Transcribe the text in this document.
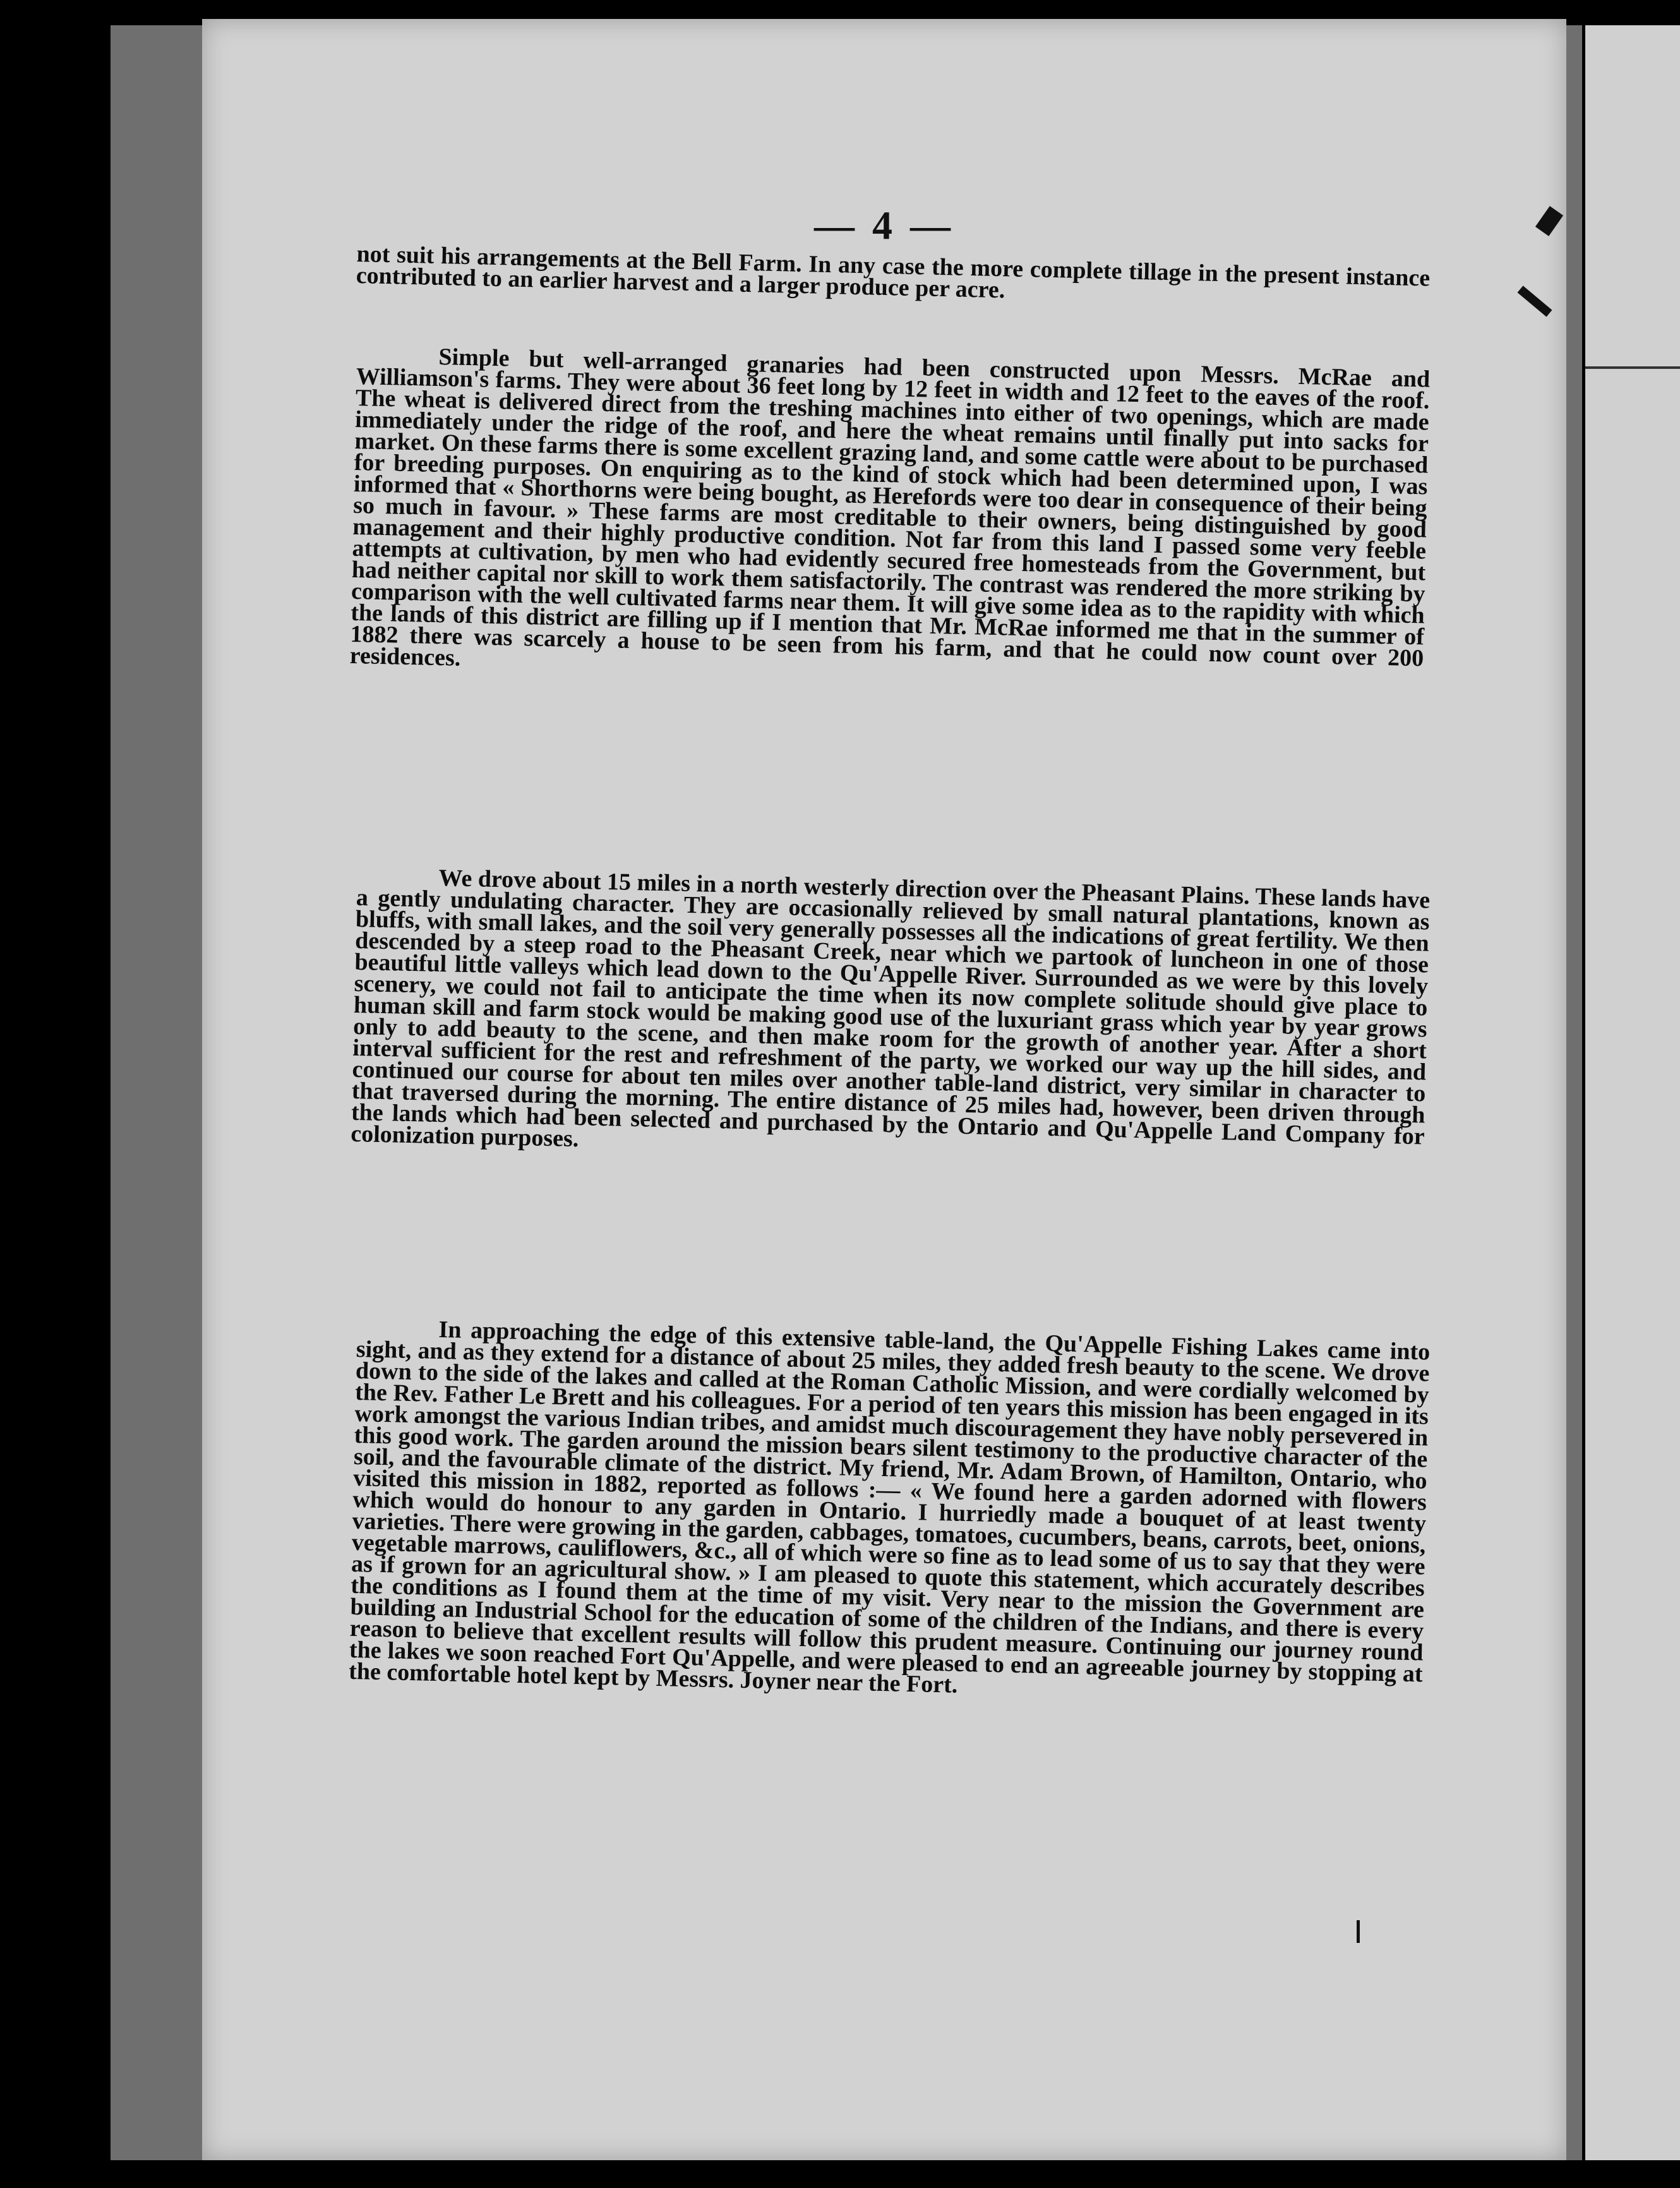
— 4 —

not suit his arrangements at the Bell Farm. In any case the more complete tillage in the present instance contributed to an earlier harvest and a larger produce per acre.

Simple but well-arranged granaries had been constructed upon Messrs. McRae and Williamson's farms. They were about 36 feet long by 12 feet in width and 12 feet to the eaves of the roof. The wheat is delivered direct from the treshing machines into either of two openings, which are made immediately under the ridge of the roof, and here the wheat remains until finally put into sacks for market. On these farms there is some excellent grazing land, and some cattle were about to be purchased for breeding purposes. On enquiring as to the kind of stock which had been determined upon, I was informed that « Shorthorns were being bought, as Herefords were too dear in consequence of their being so much in favour. » These farms are most creditable to their owners, being distinguished by good management and their highly productive condition. Not far from this land I passed some very feeble attempts at cultivation, by men who had evidently secured free homesteads from the Government, but had neither capital nor skill to work them satisfactorily. The contrast was rendered the more striking by comparison with the well cultivated farms near them. It will give some idea as to the rapidity with which the lands of this district are filling up if I mention that Mr. McRae informed me that in the summer of 1882 there was scarcely a house to be seen from his farm, and that he could now count over 200 residences.

We drove about 15 miles in a north westerly direction over the Pheasant Plains. These lands have a gently undulating character. They are occasionally relieved by small natural plantations, known as bluffs, with small lakes, and the soil very generally possesses all the indications of great fertility. We then descended by a steep road to the Pheasant Creek, near which we partook of luncheon in one of those beautiful little valleys which lead down to the Qu'Appelle River. Surrounded as we were by this lovely scenery, we could not fail to anticipate the time when its now complete solitude should give place to human skill and farm stock would be making good use of the luxuriant grass which year by year grows only to add beauty to the scene, and then make room for the growth of another year. After a short interval sufficient for the rest and refreshment of the party, we worked our way up the hill sides, and continued our course for about ten miles over another table-land district, very similar in character to that traversed during the morning. The entire distance of 25 miles had, however, been driven through the lands which had been selected and purchased by the Ontario and Qu'Appelle Land Company for colonization purposes.

In approaching the edge of this extensive table-land, the Qu'Appelle Fishing Lakes came into sight, and as they extend for a distance of about 25 miles, they added fresh beauty to the scene. We drove down to the side of the lakes and called at the Roman Catholic Mission, and were cordially welcomed by the Rev. Father Le Brett and his colleagues. For a period of ten years this mission has been engaged in its work amongst the various Indian tribes, and amidst much discouragement they have nobly persevered in this good work. The garden around the mission bears silent testimony to the productive character of the soil, and the favourable climate of the district. My friend, Mr. Adam Brown, of Hamilton, Ontario, who visited this mission in 1882, reported as follows :— « We found here a garden adorned with flowers which would do honour to any garden in Ontario. I hurriedly made a bouquet of at least twenty varieties. There were growing in the garden, cabbages, tomatoes, cucumbers, beans, carrots, beet, onions, vegetable marrows, cauliflowers, &c., all of which were so fine as to lead some of us to say that they were as if grown for an agricultural show. » I am pleased to quote this statement, which accurately describes the conditions as I found them at the time of my visit. Very near to the mission the Government are building an Industrial School for the education of some of the children of the Indians, and there is every reason to believe that excellent results will follow this prudent measure. Continuing our journey round the lakes we soon reached Fort Qu'Appelle, and were pleased to end an agreeable journey by stopping at the comfortable hotel kept by Messrs. Joyner near the Fort.
